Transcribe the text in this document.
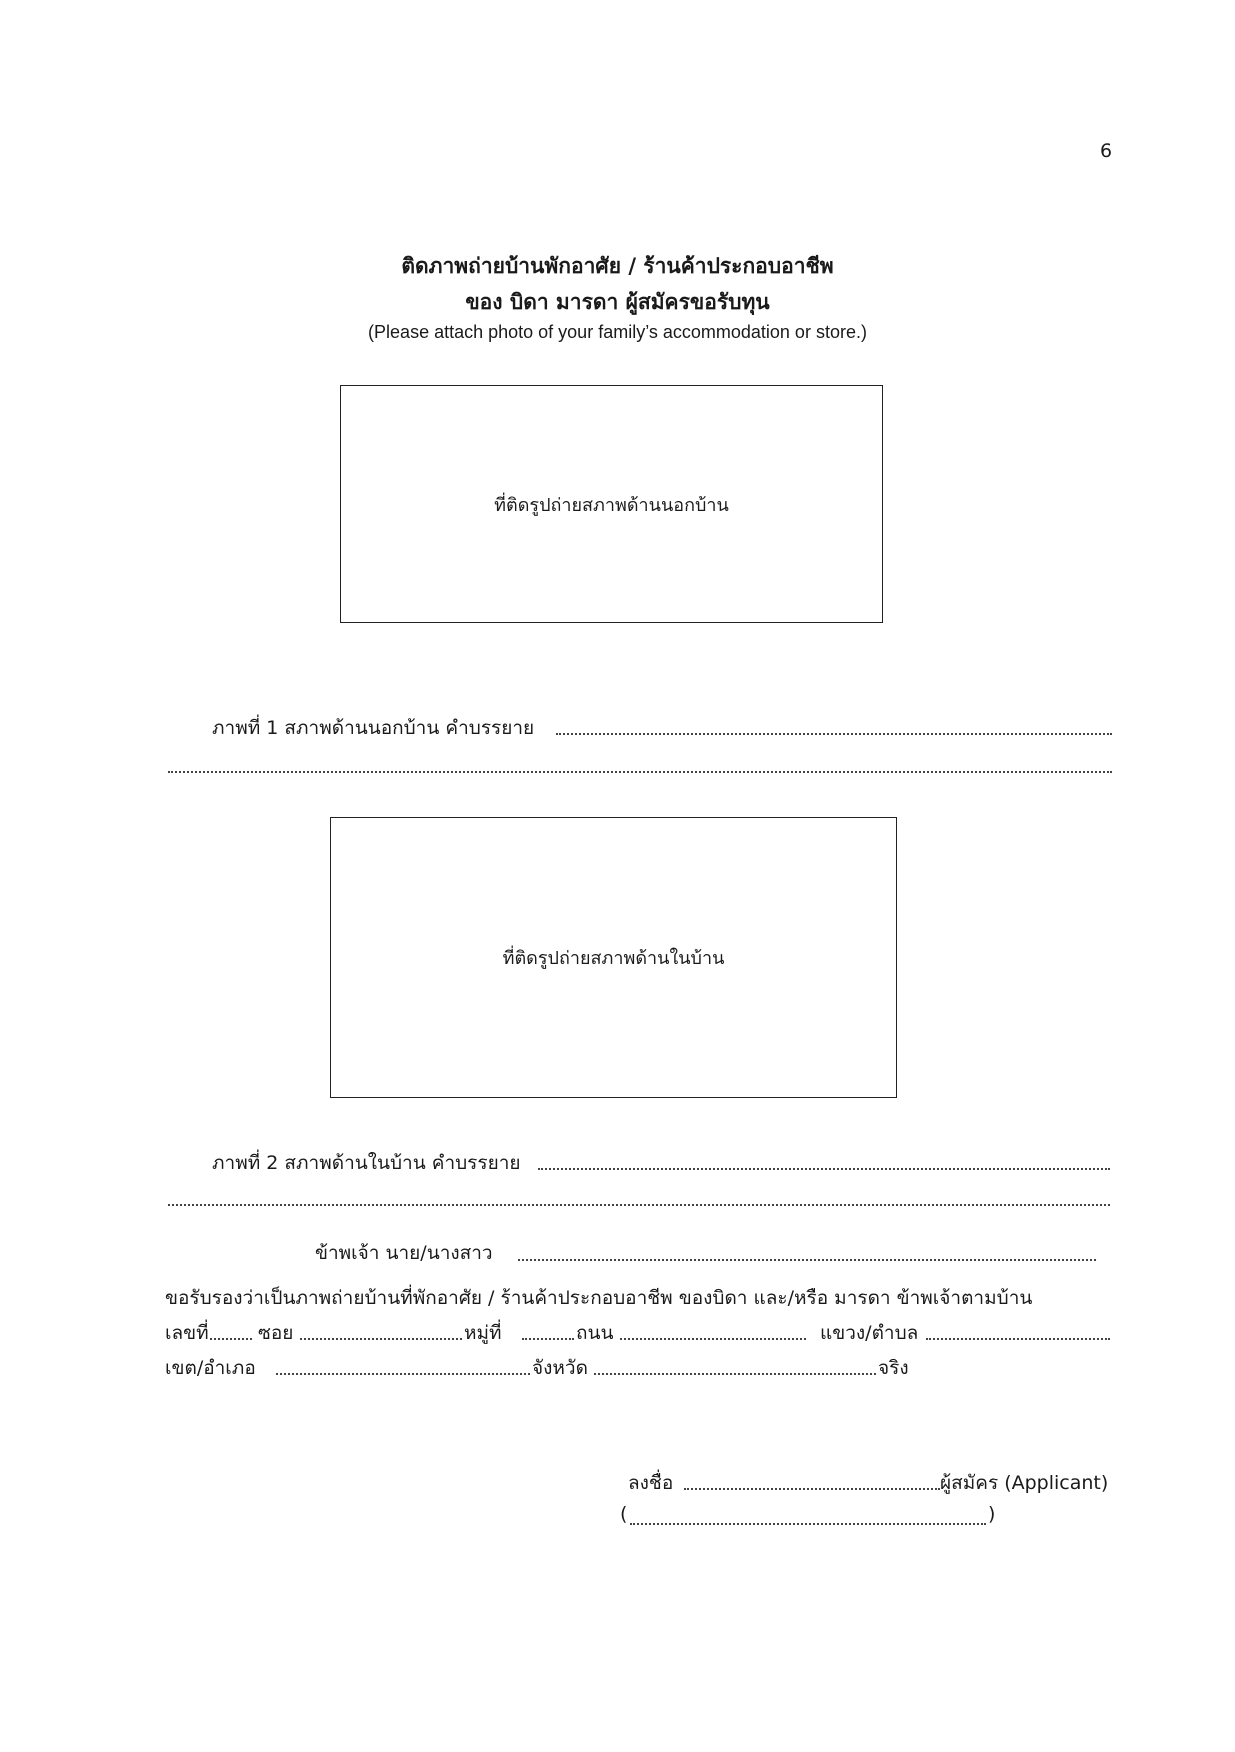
6
ติดภาพถ่ายบ้านพักอาศัย / ร้านค้าประกอบอาชีพ
ของ บิดา มารดา ผู้สมัครขอรับทุน
(Please attach photo of your family’s accommodation or store.)
ที่ติดรูปถ่ายสภาพด้านนอกบ้าน
ภาพที่ 1 สภาพด้านนอกบ้าน คำบรรยาย
ที่ติดรูปถ่ายสภาพด้านในบ้าน
ภาพที่ 2 สภาพด้านในบ้าน คำบรรยาย
ข้าพเจ้า นาย/นางสาว
ขอรับรองว่าเป็นภาพถ่ายบ้านที่พักอาศัย / ร้านค้าประกอบอาชีพ ของบิดา และ/หรือ มารดา ข้าพเจ้าตามบ้าน
เลขที่	ซอย	หมู่ที่	ถนน	แขวง/ตำบล
เขต/อำเภอ	จังหวัด	จริง
ลงชื่อ	ผู้สมัคร (Applicant)
(	)
